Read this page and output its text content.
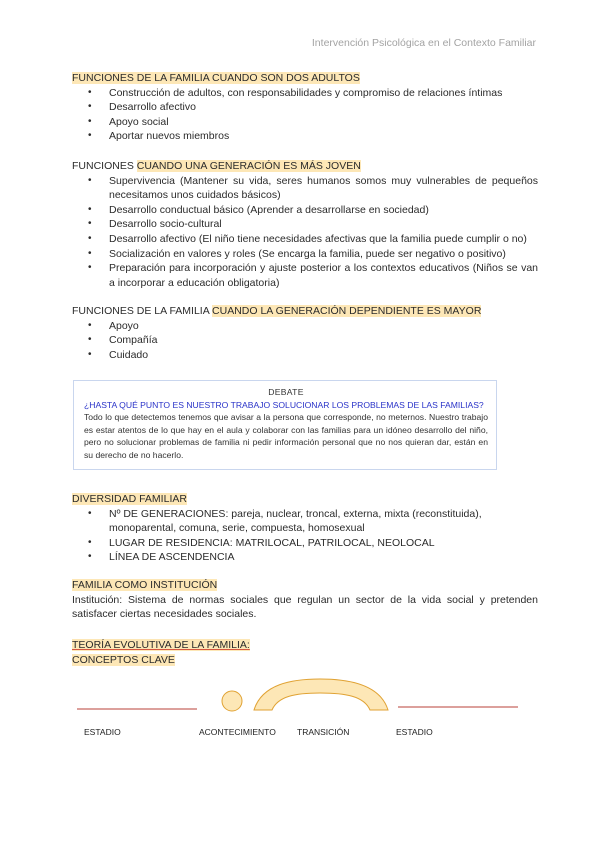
Intervención Psicológica en el Contexto Familiar
FUNCIONES DE LA FAMILIA CUANDO SON DOS ADULTOS
• Construcción de adultos, con responsabilidades y compromiso de relaciones íntimas
• Desarrollo afectivo
• Apoyo social
• Aportar nuevos miembros
FUNCIONES CUANDO UNA GENERACIÓN ES MÁS JOVEN
• Supervivencia (Mantener su vida, seres humanos somos muy vulnerables de pequeños necesitamos unos cuidados básicos)
• Desarrollo conductual básico (Aprender a desarrollarse en sociedad)
• Desarrollo socio-cultural
• Desarrollo afectivo (El niño tiene necesidades afectivas que la familia puede cumplir o no)
• Socialización en valores y roles (Se encarga la familia, puede ser negativo o positivo)
• Preparación para incorporación y ajuste posterior a los contextos educativos (Niños se van a incorporar a educación obligatoria)
FUNCIONES DE LA FAMILIA CUANDO LA GENERACIÓN DEPENDIENTE ES MAYOR
• Apoyo
• Compañía
• Cuidado
DEBATE
¿HASTA QUÉ PUNTO ES NUESTRO TRABAJO SOLUCIONAR LOS PROBLEMAS DE LAS FAMILIAS?
Todo lo que detectemos tenemos que avisar a la persona que corresponde, no meternos. Nuestro trabajo es estar atentos de lo que hay en el aula y colaborar con las familias para un idóneo desarrollo del niño, pero no solucionar problemas de familia ni pedir información personal que no nos quieran dar, están en su derecho de no hacerlo.
DIVERSIDAD FAMILIAR
• Nº DE GENERACIONES: pareja, nuclear, troncal, externa, mixta (reconstituida), monoparental, comuna, serie, compuesta, homosexual
• LUGAR DE RESIDENCIA: MATRILOCAL, PATRILOCAL, NEOLOCAL
• LÍNEA DE ASCENDENCIA
FAMILIA COMO INSTITUCIÓN
Institución: Sistema de normas sociales que regulan un sector de la vida social y pretenden satisfacer ciertas necesidades sociales.
TEORÍA EVOLUTIVA DE LA FAMILIA:
CONCEPTOS CLAVE
ESTADIO	ACONTECIMIENTO TRANSICIÓN	ESTADIO
